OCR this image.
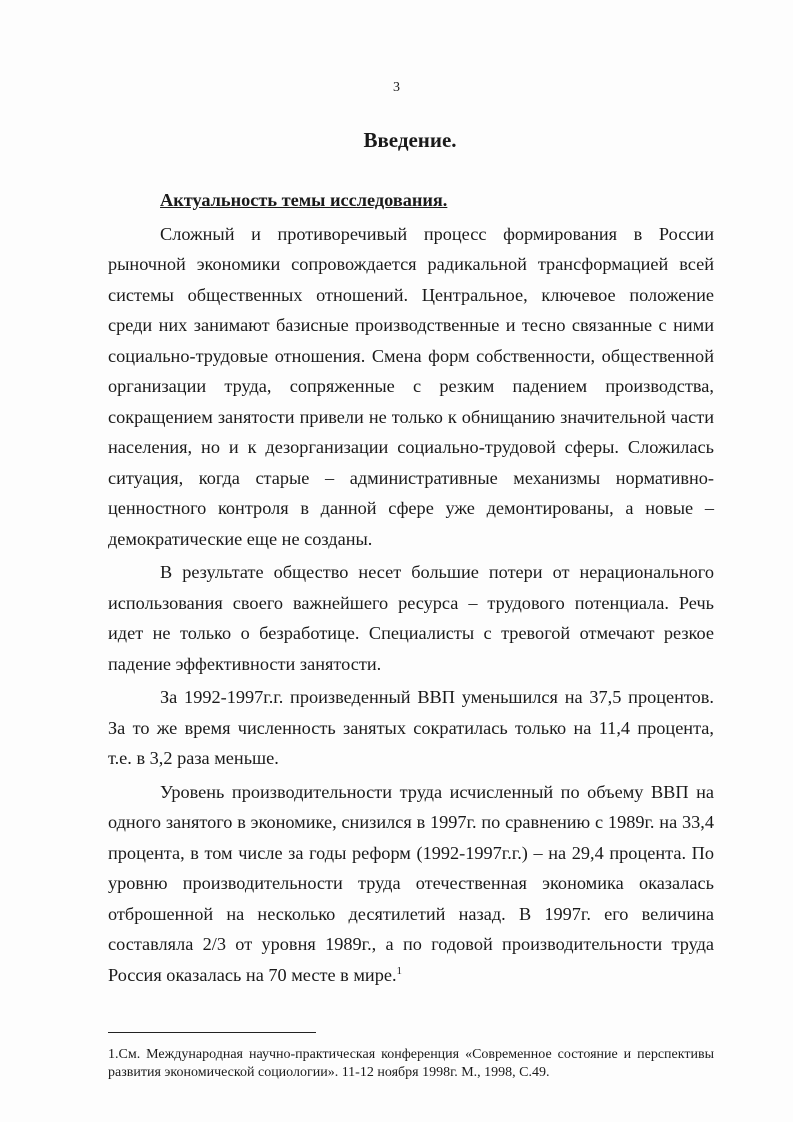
3
Введение.

Актуальность темы исследования.

Сложный и противоречивый процесс формирования в России рыночной экономики сопровождается радикальной трансформацией всей системы общественных отношений. Центральное, ключевое положение среди них занимают базисные производственные и тесно связанные с ними социально-трудовые отношения. Смена форм собственности, общественной организации труда, сопряженные с резким падением производства, сокращением занятости привели не только к обнищанию значительной части населения, но и к дезорганизации социально-трудовой сферы. Сложилась ситуация, когда старые – административные механизмы нормативно-ценностного контроля в данной сфере уже демонтированы, а новые – демократические еще не созданы.

В результате общество несет большие потери от нерационального использования своего важнейшего ресурса – трудового потенциала. Речь идет не только о безработице. Специалисты с тревогой отмечают резкое падение эффективности занятости.

За 1992-1997г.г. произведенный ВВП уменьшился на 37,5 процентов. За то же время численность занятых сократилась только на 11,4 процента, т.е. в 3,2 раза меньше.

Уровень производительности труда исчисленный по объему ВВП на одного занятого в экономике, снизился в 1997г. по сравнению с 1989г. на 33,4 процента, в том числе за годы реформ (1992-1997г.г.) – на 29,4 процента. По уровню производительности труда отечественная экономика оказалась отброшенной на несколько десятилетий назад. В 1997г. его величина составляла 2/3 от уровня 1989г., а по годовой производительности труда Россия оказалась на 70 месте в мире.$^1$

1.См. Международная научно-практическая конференция «Современное состояние и перспективы развития экономической социологии». 11-12 ноября 1998г. М., 1998, С.49.
